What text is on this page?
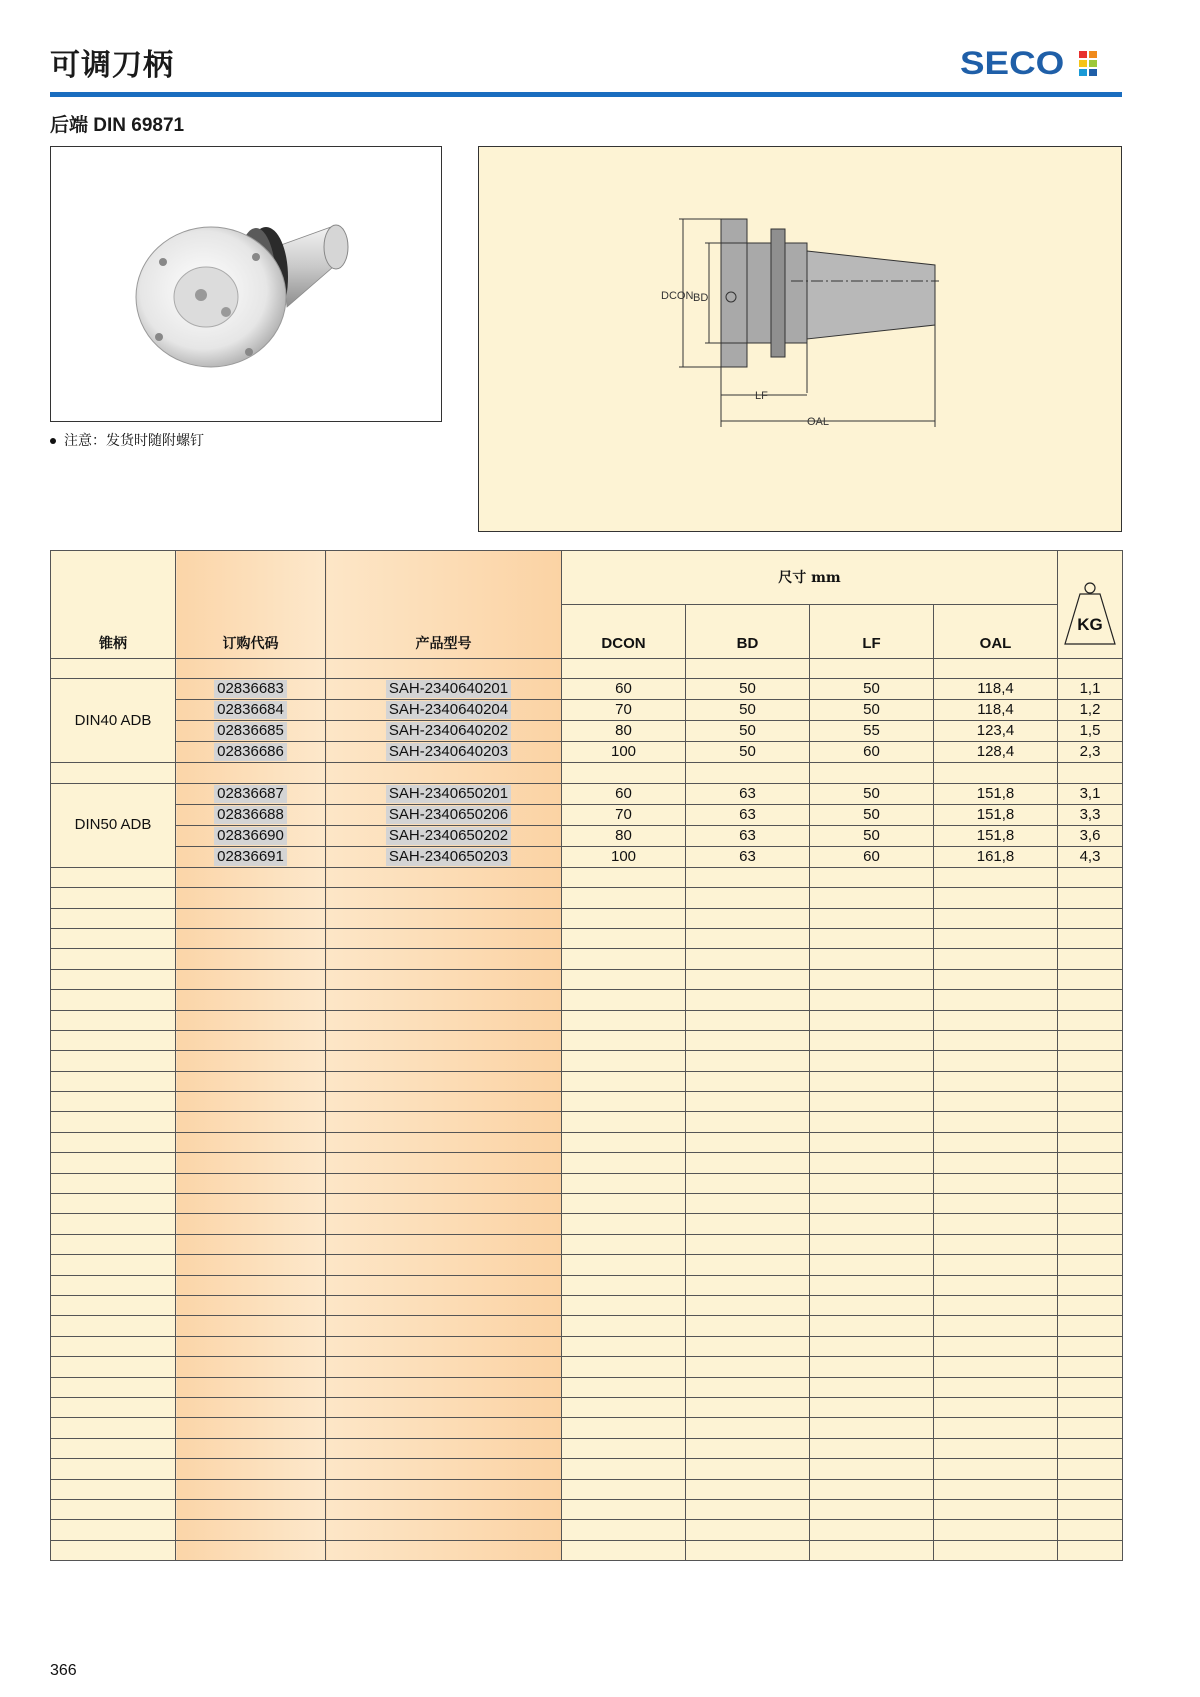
可调刀柄	SECO
后端 DIN 69871
注意：发货时随附螺钉
DCON BD
LF
OAL
锥柄	订购代码	产品型号	尺寸 mm				KG

			DCON	BD	LF	OAL	

DIN40 ADB	02836683	SAH-2340640201	60	50	50	118,4	1,1
	02836684	SAH-2340640204	70	50	50	118,4	1,2
	02836685	SAH-2340640202	80	50	55	123,4	1,5
	02836686	SAH-2340640203	100	50	60	128,4	2,3

DIN50 ADB	02836687	SAH-2340650201	60	63	50	151,8	3,1
	02836688	SAH-2340650206	70	63	50	151,8	3,3
	02836690	SAH-2340650202	80	63	50	151,8	3,6
	02836691	SAH-2340650203	100	63	60	161,8	4,3

366
